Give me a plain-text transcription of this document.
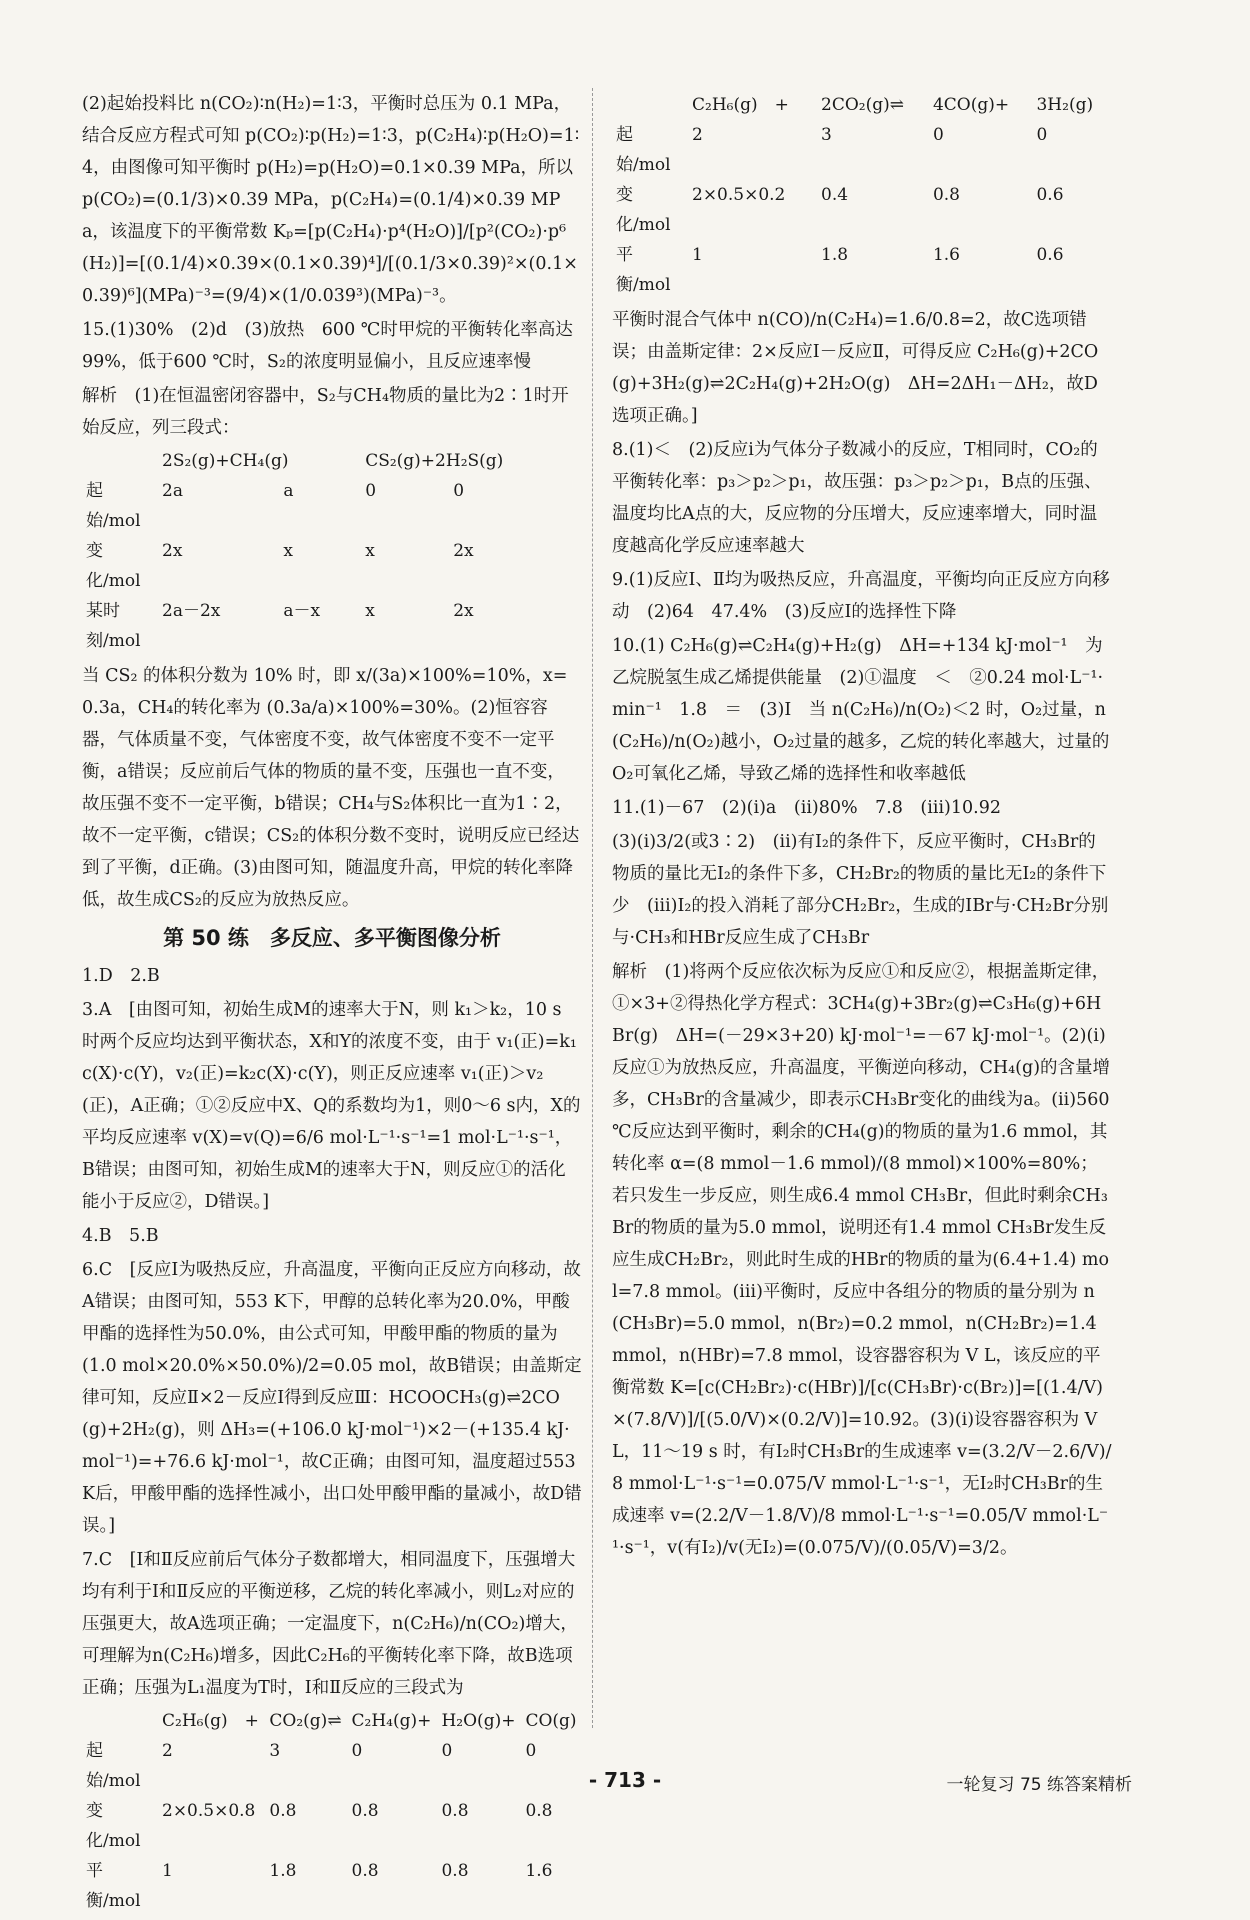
(2)起始投料比 n(CO₂)∶n(H₂)=1∶3，平衡时总压为 0.1 MPa，结合反应方程式可知 p(CO₂)∶p(H₂)=1∶3，p(C₂H₄)∶p(H₂O)=1∶4，由图像可知平衡时 p(H₂)=p(H₂O)=0.1×0.39 MPa，所以 p(CO₂)=(0.1/3)×0.39 MPa，p(C₂H₄)=(0.1/4)×0.39 MPa，该温度下的平衡常数 Kₚ=[p(C₂H₄)·p⁴(H₂O)]/[p²(CO₂)·p⁶(H₂)]=[(0.1/4)×0.39×(0.1×0.39)⁴]/[(0.1/3×0.39)²×(0.1×0.39)⁶](MPa)⁻³=(9/4)×(1/0.039³)(MPa)⁻³。

15.(1)30%　(2)d　(3)放热　600 ℃时甲烷的平衡转化率高达99%，低于600 ℃时，S₂的浓度明显偏小，且反应速率慢

解析　(1)在恒温密闭容器中，S₂与CH₄物质的量比为2∶1时开始反应，列三段式：

	2S₂(g)+CH₄(g)		CS₂(g)+2H₂S(g)	
起始/mol	2a	a	0	0
变化/mol	2x	x	x	2x
某时刻/mol	2a－2x	a－x	x	2x

当 CS₂ 的体积分数为 10% 时，即 x/(3a)×100%=10%，x=0.3a，CH₄的转化率为 (0.3a/a)×100%=30%。(2)恒容容器，气体质量不变，气体密度不变，故气体密度不变不一定平衡，a错误；反应前后气体的物质的量不变，压强也一直不变，故压强不变不一定平衡，b错误；CH₄与S₂体积比一直为1∶2，故不一定平衡，c错误；CS₂的体积分数不变时，说明反应已经达到了平衡，d正确。(3)由图可知，随温度升高，甲烷的转化率降低，故生成CS₂的反应为放热反应。

第 50 练　多反应、多平衡图像分析

1.D　2.B

3.A　[由图可知，初始生成M的速率大于N，则 k₁＞k₂，10 s 时两个反应均达到平衡状态，X和Y的浓度不变，由于 v₁(正)=k₁c(X)·c(Y)，v₂(正)=k₂c(X)·c(Y)，则正反应速率 v₁(正)＞v₂(正)，A正确；①②反应中X、Q的系数均为1，则0～6 s内，X的平均反应速率 v(X)=v(Q)=6/6 mol·L⁻¹·s⁻¹=1 mol·L⁻¹·s⁻¹，B错误；由图可知，初始生成M的速率大于N，则反应①的活化能小于反应②，D错误。]

4.B　5.B

6.C　[反应Ⅰ为吸热反应，升高温度，平衡向正反应方向移动，故A错误；由图可知，553 K下，甲醇的总转化率为20.0%，甲酸甲酯的选择性为50.0%，由公式可知，甲酸甲酯的物质的量为 (1.0 mol×20.0%×50.0%)/2=0.05 mol，故B错误；由盖斯定律可知，反应Ⅱ×2－反应Ⅰ得到反应Ⅲ：HCOOCH₃(g)⇌2CO(g)+2H₂(g)，则 ΔH₃=(+106.0 kJ·mol⁻¹)×2－(+135.4 kJ·mol⁻¹)=+76.6 kJ·mol⁻¹，故C正确；由图可知，温度超过553 K后，甲酸甲酯的选择性减小，出口处甲酸甲酯的量减小，故D错误。]

7.C　[Ⅰ和Ⅱ反应前后气体分子数都增大，相同温度下，压强增大均有利于Ⅰ和Ⅱ反应的平衡逆移，乙烷的转化率减小，则L₂对应的压强更大，故A选项正确；一定温度下，n(C₂H₆)/n(CO₂)增大，可理解为n(C₂H₆)增多，因此C₂H₆的平衡转化率下降，故B选项正确；压强为L₁温度为T时，Ⅰ和Ⅱ反应的三段式为

	C₂H₆(g)　+	CO₂(g)⇌	C₂H₄(g)+	H₂O(g)+	CO(g)
起始/mol	2	3	0	0	0
变化/mol	2×0.5×0.8	0.8	0.8	0.8	0.8
平衡/mol	1	1.8	0.8	0.8	1.6
	C₂H₆(g)　+	2CO₂(g)⇌	4CO(g)+	3H₂(g)
起始/mol	2	3	0	0
变化/mol	2×0.5×0.2	0.4	0.8	0.6
平衡/mol	1	1.8	1.6	0.6

平衡时混合气体中 n(CO)/n(C₂H₄)=1.6/0.8=2，故C选项错误；由盖斯定律：2×反应Ⅰ－反应Ⅱ，可得反应 C₂H₆(g)+2CO(g)+3H₂(g)⇌2C₂H₄(g)+2H₂O(g)　ΔH=2ΔH₁－ΔH₂，故D选项正确。]

8.(1)＜　(2)反应ⅰ为气体分子数减小的反应，T相同时，CO₂的平衡转化率：p₃＞p₂＞p₁，故压强：p₃＞p₂＞p₁，B点的压强、温度均比A点的大，反应物的分压增大，反应速率增大，同时温度越高化学反应速率越大

9.(1)反应Ⅰ、Ⅱ均为吸热反应，升高温度，平衡均向正反应方向移动　(2)64　47.4%　(3)反应Ⅰ的选择性下降

10.(1) C₂H₆(g)⇌C₂H₄(g)+H₂(g)　ΔH=+134 kJ·mol⁻¹　为乙烷脱氢生成乙烯提供能量　(2)①温度　＜　②0.24 mol·L⁻¹·min⁻¹　1.8　＝　(3)Ⅰ　当 n(C₂H₆)/n(O₂)＜2 时，O₂过量，n(C₂H₆)/n(O₂)越小，O₂过量的越多，乙烷的转化率越大，过量的O₂可氧化乙烯，导致乙烯的选择性和收率越低

11.(1)－67　(2)(ⅰ)a　(ⅱ)80%　7.8　(ⅲ)10.92

(3)(ⅰ)3/2(或3∶2)　(ⅱ)有I₂的条件下，反应平衡时，CH₃Br的物质的量比无I₂的条件下多，CH₂Br₂的物质的量比无I₂的条件下少　(ⅲ)I₂的投入消耗了部分CH₂Br₂，生成的IBr与·CH₂Br分别与·CH₃和HBr反应生成了CH₃Br

解析　(1)将两个反应依次标为反应①和反应②，根据盖斯定律，①×3+②得热化学方程式：3CH₄(g)+3Br₂(g)⇌C₃H₆(g)+6HBr(g)　ΔH=(－29×3+20) kJ·mol⁻¹=－67 kJ·mol⁻¹。(2)(ⅰ)反应①为放热反应，升高温度，平衡逆向移动，CH₄(g)的含量增多，CH₃Br的含量减少，即表示CH₃Br变化的曲线为a。(ⅱ)560 ℃反应达到平衡时，剩余的CH₄(g)的物质的量为1.6 mmol，其转化率 α=(8 mmol－1.6 mmol)/(8 mmol)×100%=80%；若只发生一步反应，则生成6.4 mmol CH₃Br，但此时剩余CH₃Br的物质的量为5.0 mmol，说明还有1.4 mmol CH₃Br发生反应生成CH₂Br₂，则此时生成的HBr的物质的量为(6.4+1.4) mol=7.8 mmol。(ⅲ)平衡时，反应中各组分的物质的量分别为 n(CH₃Br)=5.0 mmol，n(Br₂)=0.2 mmol，n(CH₂Br₂)=1.4 mmol，n(HBr)=7.8 mmol，设容器容积为 V L，该反应的平衡常数 K=[c(CH₂Br₂)·c(HBr)]/[c(CH₃Br)·c(Br₂)]=[(1.4/V)×(7.8/V)]/[(5.0/V)×(0.2/V)]=10.92。(3)(ⅰ)设容器容积为 V L，11～19 s 时，有I₂时CH₃Br的生成速率 v=(3.2/V－2.6/V)/8 mmol·L⁻¹·s⁻¹=0.075/V mmol·L⁻¹·s⁻¹，无I₂时CH₃Br的生成速率 v=(2.2/V－1.8/V)/8 mmol·L⁻¹·s⁻¹=0.05/V mmol·L⁻¹·s⁻¹，v(有I₂)/v(无I₂)=(0.075/V)/(0.05/V)=3/2。

- 713 -	一轮复习 75 练答案精析
